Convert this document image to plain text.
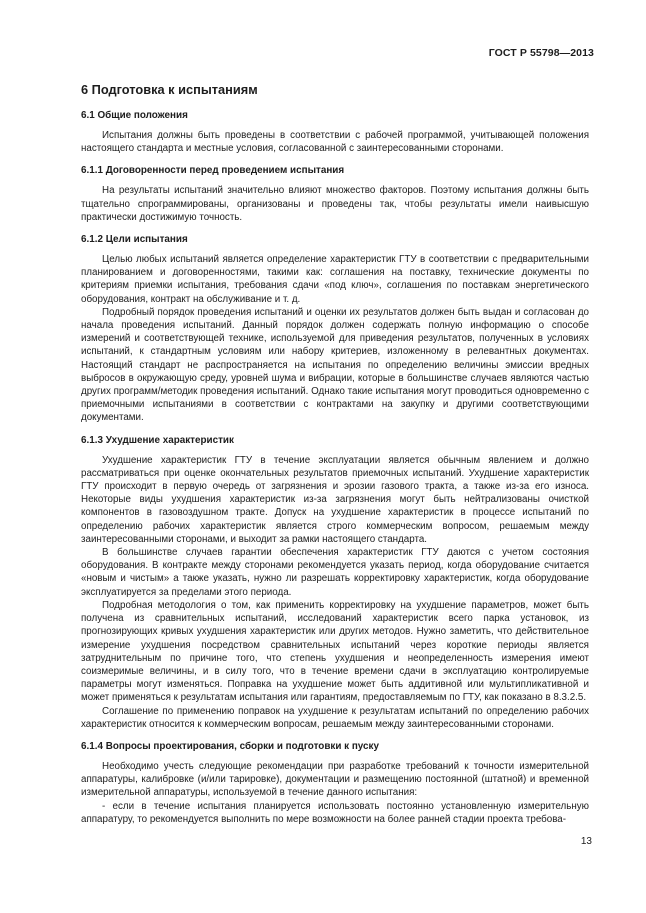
ГОСТ Р 55798—2013
6 Подготовка к испытаниям
6.1 Общие положения

Испытания должны быть проведены в соответствии с рабочей программой, учитывающей положения настоящего стандарта и местные условия, согласованной с заинтересованными сторонами.

6.1.1 Договоренности перед проведением испытания

На результаты испытаний значительно влияют множество факторов. Поэтому испытания должны быть тщательно спрограммированы, организованы и проведены так, чтобы результаты имели наивысшую практически достижимую точность.

6.1.2 Цели испытания

Целью любых испытаний является определение характеристик ГТУ в соответствии с предварительными планированием и договоренностями, такими как: соглашения на поставку, технические документы по критериям приемки испытания, требования сдачи «под ключ», соглашения по поставкам энергетического оборудования, контракт на обслуживание и т. д.

Подробный порядок проведения испытаний и оценки их результатов должен быть выдан и согласован до начала проведения испытаний. Данный порядок должен содержать полную информацию о способе измерений и соответствующей технике, используемой для приведения результатов, полученных в условиях испытаний, к стандартным условиям или набору критериев, изложенному в релевантных документах. Настоящий стандарт не распространяется на испытания по определению величины эмиссии вредных выбросов в окружающую среду, уровней шума и вибрации, которые в большинстве случаев являются частью других программ/методик проведения испытаний. Однако такие испытания могут проводиться одновременно с приемочными испытаниями в соответствии с контрактами на закупку и другими соответствующими документами.

6.1.3 Ухудшение характеристик

Ухудшение характеристик ГТУ в течение эксплуатации является обычным явлением и должно рассматриваться при оценке окончательных результатов приемочных испытаний. Ухудшение характеристик ГТУ происходит в первую очередь от загрязнения и эрозии газового тракта, а также из-за его износа. Некоторые виды ухудшения характеристик из-за загрязнения могут быть нейтрализованы очисткой компонентов в газовоздушном тракте. Допуск на ухудшение характеристик в процессе испытаний по определению рабочих характеристик является строго коммерческим вопросом, решаемым между заинтересованными сторонами, и выходит за рамки настоящего стандарта.

В большинстве случаев гарантии обеспечения характеристик ГТУ даются с учетом состояния оборудования. В контракте между сторонами рекомендуется указать период, когда оборудование считается «новым и чистым» а также указать, нужно ли разрешать корректировку характеристик, когда оборудование эксплуатируется за пределами этого периода.

Подробная методология о том, как применить корректировку на ухудшение параметров, может быть получена из сравнительных испытаний, исследований характеристик всего парка установок, из прогнозирующих кривых ухудшения характеристик или других методов. Нужно заметить, что действительное измерение ухудшения посредством сравнительных испытаний через короткие периоды является затруднительным по причине того, что степень ухудшения и неопределенность измерения имеют соизмеримые величины, и в силу того, что в течение времени сдачи в эксплуатацию контролируемые параметры могут изменяться. Поправка на ухудшение может быть аддитивной или мультипликативной и может применяться к результатам испытания или гарантиям, предоставляемым по ГТУ, как показано в 8.3.2.5.

Соглашение по применению поправок на ухудшение к результатам испытаний по определению рабочих характеристик относится к коммерческим вопросам, решаемым между заинтересованными сторонами.

6.1.4 Вопросы проектирования, сборки и подготовки к пуску

Необходимо учесть следующие рекомендации при разработке требований к точности измерительной аппаратуры, калибровке (и/или тарировке), документации и размещению постоянной (штатной) и временной измерительной аппаратуры, используемой в течение данного испытания:

- если в течение испытания планируется использовать постоянно установленную измерительную аппаратуру, то рекомендуется выполнить по мере возможности на более ранней стадии проекта требова-

13
